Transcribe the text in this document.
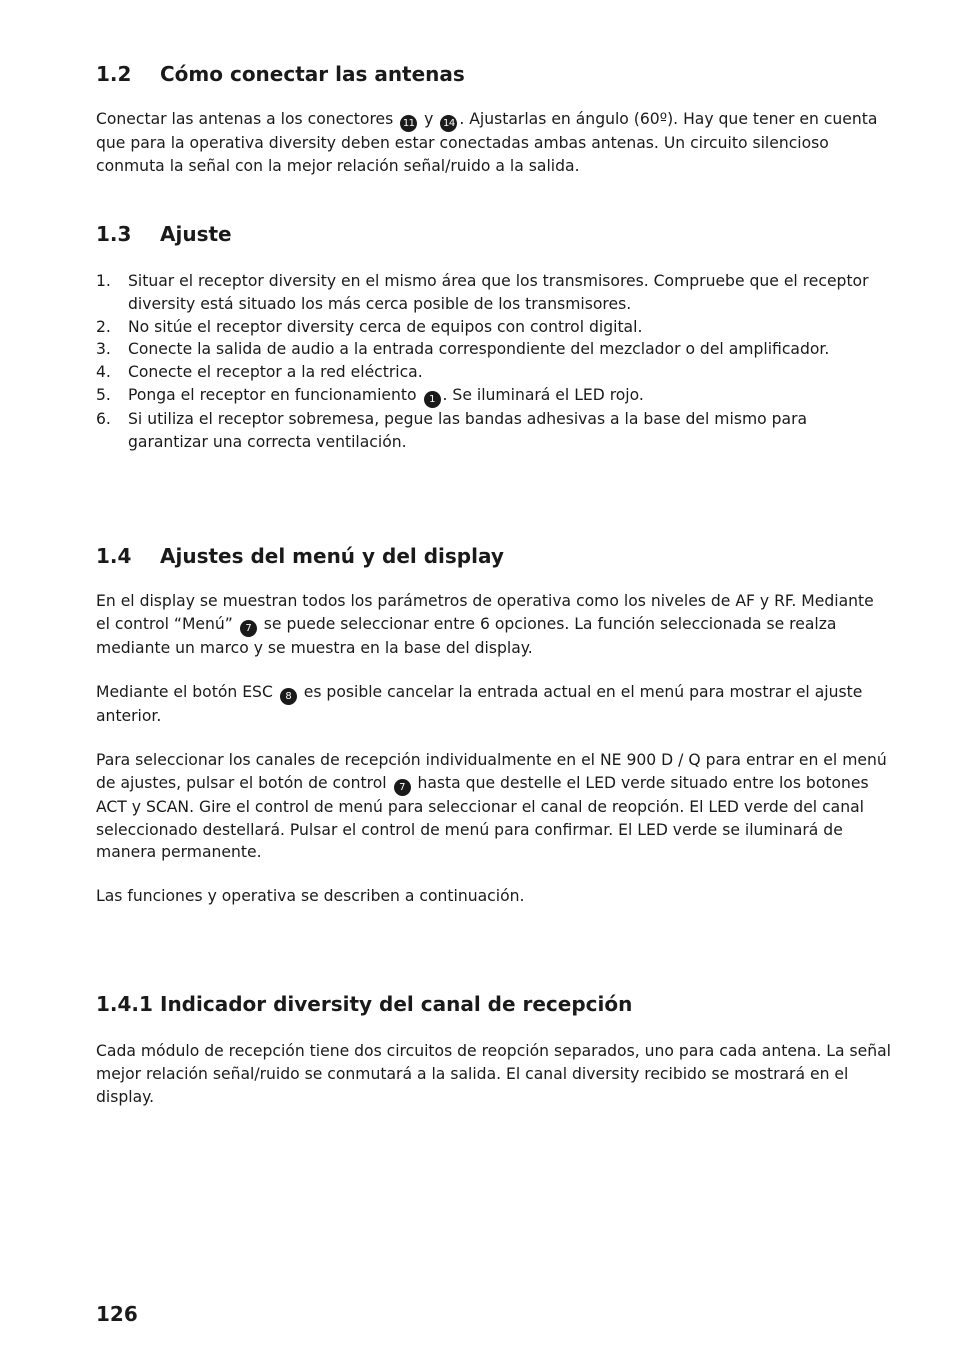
1.2 Cómo conectar las antenas

Conectar las antenas a los conectores 11 y 14 . Ajustarlas en ángulo (60º). Hay que tener en cuenta que para la operativa diversity deben estar conectadas ambas antenas. Un circuito silencioso conmuta la señal con la mejor relación señal/ruido a la salida.

1.3 Ajuste
1.	Situar el receptor diversity en el mismo área que los transmisores. Compruebe que el receptor diversity está situado los más cerca posible de los transmisores.
2.	No sitúe el receptor diversity cerca de equipos con control digital.
3.	Conecte la salida de audio a la entrada correspondiente del mezclador o del amplificador.
4.	Conecte el receptor a la red eléctrica.
5.	Ponga el receptor en funcionamiento 1 . Se iluminará el LED rojo.
6.	Si utiliza el receptor sobremesa, pegue las bandas adhesivas a la base del mismo para garantizar una correcta ventilación.
1.4 Ajustes del menú y del display

En el display se muestran todos los parámetros de operativa como los niveles de AF y RF. Mediante el control “Menú” 7 se puede seleccionar entre 6 opciones. La función seleccionada se realza mediante un marco y se muestra en la base del display.

Mediante el botón ESC 8 es posible cancelar la entrada actual en el menú para mostrar el ajuste anterior.

Para seleccionar los canales de recepción individualmente en el NE 900 D / Q para entrar en el menú de ajustes, pulsar el botón de control 7 hasta que destelle el LED verde situado entre los botones ACT y SCAN. Gire el control de menú para seleccionar el canal de reopción. El LED verde del canal seleccionado destellará. Pulsar el control de menú para confirmar. El LED verde se iluminará de manera permanente.

Las funciones y operativa se describen a continuación.

1.4.1 Indicador diversity del canal de recepción

Cada módulo de recepción tiene dos circuitos de reopción separados, uno para cada antena. La señal mejor relación señal/ruido se conmutará a la salida. El canal diversity recibido se mostrará en el display.

126
